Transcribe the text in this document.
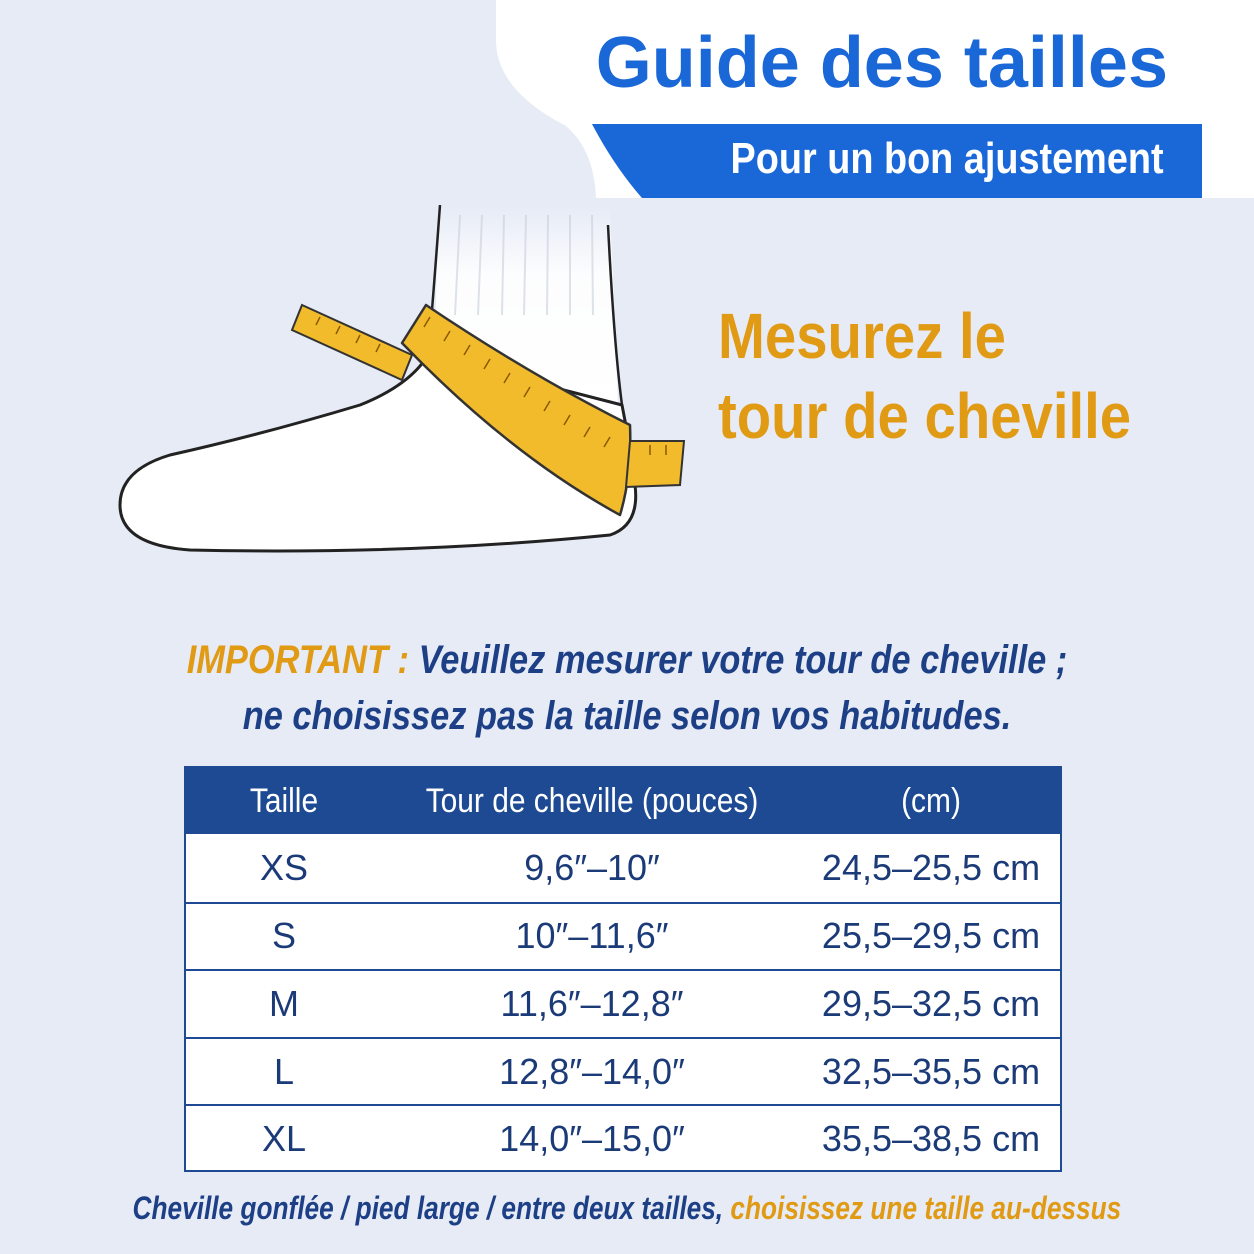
Guide des tailles
Pour un bon ajustement
Mesurez le
tour de cheville
IMPORTANT : Veuillez mesurer votre tour de cheville ;
ne choisissez pas la taille selon vos habitudes.
Taille	Tour de cheville (pouces)	(cm)
XS	9,6″–10″	24,5–25,5 cm
S	10″–11,6″	25,5–29,5 cm
M	11,6″–12,8″	29,5–32,5 cm
L	12,8″–14,0″	32,5–35,5 cm
XL	14,0″–15,0″	35,5–38,5 cm
Cheville gonflée / pied large / entre deux tailles, choisissez une taille au-dessus
